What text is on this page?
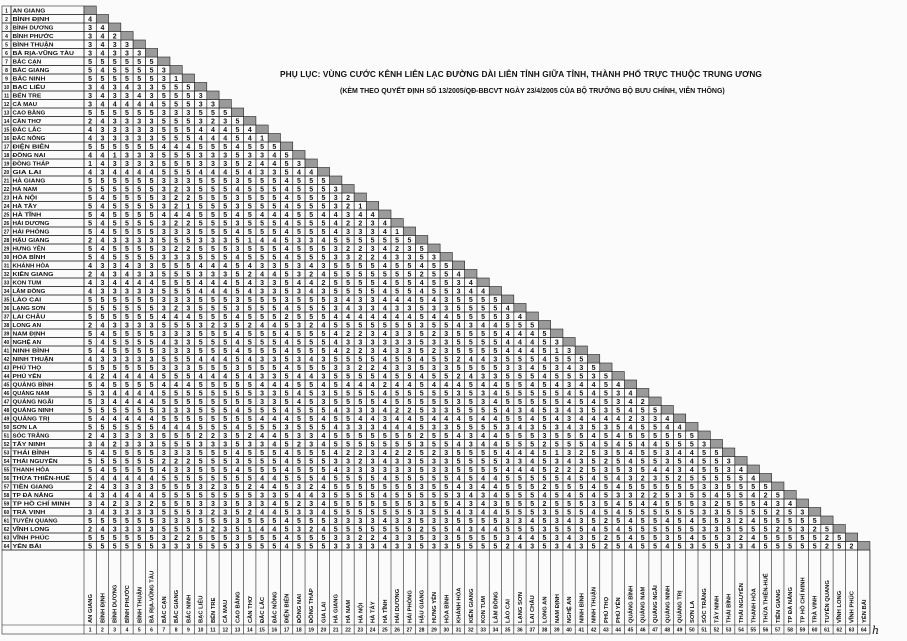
1 AN GIANG
2 BÌNH ĐỊNH	4
3 BÌNH DƯƠNG	3 4
4 BÌNH PHƯỚC	3 4 2
5 BÌNH THUẬN	3 4 3 3
6 BÀ RỊA-VŨNG TÀU	3 4 3 3 3
7 BẮC CẠN	5 5 5 5 5 5
8 BẮC GIANG	5 4 5 5 5 5 3
9 BẮC NINH	5 5 5 5 5 5 3 1
10 BẠC LIÊU	3 4 3 4 3 3 5 5 5
11 BẾN TRE	3 4 3 3 4 3 5 5 5 3
12 CÀ MAU	3 4 4 4 4 4 5 5 5 3 3
13 CAO BẰNG	5 5 5 5 5 5 3 3 3 5 5 5
14 CẦN THƠ	2 4 3 3 3 3 5 5 5 3 2 3 5
15 ĐẮC LẮC	4 3 3 3 3 3 5 5 5 4 4 4 5 4
16 ĐẮC NÔNG	4 3 3 3 3 3 5 5 5 4 4 4 5 4 1
17 ĐIỆN BIÊN	5 5 5 5 5 5 4 4 4 5 5 5 4 5 5 5
18 ĐỒNG NAI	4 4 1 3 3 3 5 5 5 3 3 3 5 3 3 4 5
19 ĐỒNG THÁP	1 4 3 3 3 3 5 5 5 3 3 3 5 2 4 4 5 3
20 GIA LAI	4 3 4 4 4 4 5 5 5 4 4 4 5 4 3 3 5 4 4
21 HÀ GIANG	5 5 5 5 5 5 3 3 3 5 5 5 3 5 5 5 4 5 5 5
22 HÀ NAM	5 5 5 5 5 5 3 2 3 5 5 5 4 5 5 5 4 5 5 5 3
23 HÀ NỘI	5 4 5 5 5 5 3 2 2 5 5 5 3 5 5 5 4 5 5 5 3 2
24 HÀ TÂY	5 4 5 5 5 5 3 2 1 5 5 5 3 5 5 5 4 5 5 5 3 2 1
25 HÀ TĨNH	5 4 5 5 5 5 4 4 4 5 5 5 4 5 4 4 4 5 5 4 4 3 4 4
26 HẢI DƯƠNG	5 4 5 5 5 5 3 2 2 5 5 5 3 5 5 5 4 5 5 5 4 2 2 3 4
27 HẢI PHÒNG	5 4 5 5 5 5 3 3 3 5 5 5 4 5 5 5 4 5 5 5 4 3 3 3 4 1
28 HẬU GIANG	2 4 3 3 3 3 5 5 5 3 3 3 5 1 4 4 5 3 3 4 5 5 5 5 5 5 5
29 HƯNG YÊN	5 4 5 5 5 5 3 2 2 5 5 5 3 5 5 5 4 5 5 5 3 2 2 3 4 2 3 5
30 HÒA BÌNH	5 4 5 5 5 5 3 3 3 5 5 5 4 5 5 5 4 5 5 5 3 3 2 2 4 3 3 5 3
31 KHÁNH HÒA	4 3 3 4 3 3 5 5 5 4 4 4 5 4 3 3 5 3 4 3 5 5 5 5 4 5 5 4 5 5
32 KIÊN GIANG	2 4 3 4 3 3 5 5 5 3 3 3 5 2 4 4 5 3 2 4 5 5 5 5 5 5 5 2 5 5 4
33 KON TUM	4 3 4 4 4 4 5 5 5 4 4 4 5 4 3 3 5 4 4 2 5 5 5 5 4 5 5 4 5 5 3 4
34 LÂM ĐỒNG	4 3 3 3 3 3 5 5 5 4 4 4 5 4 3 3 5 3 4 3 5 5 5 5 4 5 5 4 5 5 3 4 4
35 LÀO CAI	5 5 5 5 5 5 3 3 3 5 5 5 3 5 5 5 3 5 5 5 3 4 3 3 4 4 4 5 4 3 5 5 5 5
36 LẠNG SƠN	5 5 5 5 5 5 3 2 3 5 5 5 3 5 5 5 4 5 5 5 3 4 3 3 4 3 3 5 3 3 5 5 5 5 4
37 LAI CHÂU	5 5 5 5 5 5 4 4 4 5 5 5 4 5 5 5 2 5 5 5 4 4 4 4 4 4 4 5 4 4 5 5 5 5 3 4
38 LONG AN	2 4 3 3 3 3 5 5 5 3 2 3 5 2 4 4 5 3 2 4 5 5 5 5 5 5 5 3 5 5 4 3 4 4 5 5 5
39 NAM ĐỊNH	5 4 5 5 5 5 3 3 3 5 5 5 4 5 5 5 4 5 5 5 4 2 2 3 4 3 3 5 2 3 5 5 5 5 4 4 4 5
40 NGHỆ AN	5 4 5 5 5 5 4 3 3 5 5 5 4 5 5 5 4 5 5 5 4 3 3 3 3 3 3 5 3 3 5 5 5 5 4 4 4 5 3
41 NINH BÌNH	5 4 5 5 5 5 3 3 3 5 5 5 4 5 5 5 4 5 5 5 4 2 2 3 4 3 3 5 2 3 5 5 5 5 4 4 4 5 1 3
42 NINH THUẬN	4 3 3 3 3 3 5 5 5 4 4 4 5 4 3 3 5 3 4 3 5 5 5 5 4 5 5 4 5 5 2 4 4 3 5 5 5 4 5 5 5
43 PHÚ THỌ	5 5 5 5 5 5 3 3 3 5 5 5 3 5 5 5 4 5 5 5 3 3 2 2 4 3 3 5 3 3 5 5 5 5 3 3 4 5 3 4 3 5
44 PHÚ YÊN	4 2 4 4 4 4 5 5 5 4 4 4 5 4 3 3 5 4 4 3 5 5 5 5 4 5 5 4 5 5 2 4 3 3 5 5 5 4 5 5 5 3 5
45 QUẢNG BÌNH	5 4 5 5 5 5 4 4 4 5 5 5 5 5 4 4 4 5 5 4 5 4 4 4 2 4 4 5 4 4 4 5 4 4 5 5 4 5 4 3 4 4 5 4
46 QUẢNG NAM	5 3 4 4 4 4 5 5 5 5 5 5 5 5 3 3 5 4 5 3 5 5 5 5 4 5 5 5 5 5 3 5 3 4 5 5 5 5 5 4 5 4 5 3 4
47 QUẢNG NGÃI	5 3 4 4 4 4 5 5 5 5 5 5 5 5 3 3 5 4 5 3 5 5 5 5 4 5 5 5 5 5 3 5 3 4 5 5 5 5 5 4 5 4 5 3 4 2
48 QUẢNG NINH	5 5 5 5 5 5 3 3 3 5 5 5 4 5 5 5 4 5 5 5 4 3 3 3 4 2 2 5 3 3 5 5 5 5 4 3 4 5 3 4 3 5 3 5 4 5 5
49 QUẢNG TRỊ	5 4 4 4 4 4 5 5 5 5 5 5 5 5 4 4 4 5 5 4 5 5 4 4 3 4 4 5 4 4 4 5 4 4 5 5 4 5 4 3 4 4 4 4 2 3 3 4
50 SƠN LA	5 5 5 5 5 5 4 4 4 5 5 5 4 5 5 5 3 5 5 5 4 3 3 3 4 4 4 5 3 3 5 5 5 5 3 4 3 5 3 4 3 5 3 5 4 5 5 4 4
51 SÓC TRĂNG	2 4 3 3 3 3 5 5 5 2 2 3 5 2 4 4 5 3 3 4 5 5 5 5 5 5 5 2 5 5 4 3 4 4 5 5 5 3 5 5 5 4 5 4 5 5 5 5 5 5
52 TÂY NINH	3 4 2 3 3 3 5 5 5 3 3 3 5 3 3 4 5 2 3 4 5 5 5 5 5 5 5 3 5 5 4 3 4 4 5 5 5 2 5 5 5 4 5 4 5 4 4 5 5 5 3
53 THÁI BÌNH	5 4 5 5 5 5 3 3 3 5 5 5 4 5 5 5 4 5 5 5 4 2 2 3 4 2 2 5 2 3 5 5 5 5 4 4 4 5 1 3 2 5 3 5 4 5 5 3 4 4 5 5
54 THÁI NGUYÊN	5 5 5 5 5 5 2 2 2 5 5 5 3 5 5 5 4 5 5 5 3 3 2 3 4 3 3 5 3 3 5 5 5 5 3 3 4 5 3 4 3 5 2 5 4 5 5 3 5 4 5 5 3
55 THANH HÓA	5 4 5 5 5 5 4 3 3 5 5 5 4 5 5 5 4 5 5 5 4 3 3 3 3 3 3 5 3 3 5 5 5 5 4 4 4 5 2 2 2 5 3 5 3 5 4 4 3 4 5 5 3 4
56 THỪA THIÊN-HUẾ	5 4 4 4 4 4 5 5 5 5 5 5 5 5 4 4 5 5 5 4 5 5 5 5 4 5 5 5 5 5 4 5 4 4 5 5 5 5 5 4 5 4 5 4 3 2 3 5 2 5 5 5 5 5 4
57 TIỀN GIANG	2 4 3 3 3 3 5 5 5 3 2 3 5 2 4 4 5 3 2 4 5 5 5 5 5 5 5 3 5 5 4 3 4 4 5 5 5 2 5 5 5 4 5 4 5 5 5 5 5 5 3 3 5 5 5 5
58 TP ĐÀ NẴNG	4 3 4 4 4 4 5 5 5 5 5 5 5 5 3 3 5 4 4 3 5 5 5 5 4 5 5 5 5 5 3 4 3 4 5 5 5 4 5 4 5 4 5 3 3 2 2 5 3 5 5 4 5 5 4 2 5
59 TP HỒ CHÍ MINH	3 4 2 3 3 2 5 5 5 3 3 3 5 3 3 4 5 2 3 4 5 5 5 5 5 5 5 3 5 5 4 3 4 3 5 5 5 2 5 5 5 3 5 4 5 4 4 5 5 5 3 2 5 5 5 4 3 4
60 TRÀ VINH	3 4 3 3 3 3 5 5 5 3 2 3 5 2 4 4 5 3 3 4 5 5 5 5 5 5 5 3 5 5 4 3 4 4 5 5 5 3 5 5 5 4 5 4 5 5 5 5 5 5 3 3 5 5 5 5 2 5 3
61 TUYÊN QUANG	5 5 5 5 5 5 3 3 3 5 5 5 3 5 5 5 4 5 5 5 3 3 3 3 4 3 3 5 3 3 5 5 5 5 3 3 4 5 3 4 3 5 2 5 4 5 5 4 5 4 5 5 3 2 4 5 5 5 5 5
62 VĨNH LONG	2 4 3 3 3 3 5 5 5 3 2 3 5 1 4 4 5 3 2 4 5 5 5 5 5 5 5 2 5 5 4 3 4 4 5 5 5 3 5 5 5 4 5 4 5 5 5 5 5 5 3 3 5 5 5 5 2 5 3 2 5
63 VĨNH PHÚC	5 5 5 5 5 5 3 2 2 5 5 5 3 5 5 5 4 5 5 5 3 3 2 2 4 3 3 5 3 3 5 5 5 5 3 4 4 5 3 4 3 5 2 5 4 5 5 3 5 4 5 5 3 2 4 5 5 5 5 5 2 5
64 YÊN BÁI	5 5 5 5 5 5 3 3 3 5 5 5 3 5 5 5 4 5 5 5 3 3 3 3 4 3 3 5 3 3 5 5 5 5 2 4 3 5 3 4 3 5 2 5 4 5 5 4 5 3 5 5 3 3 4 5 5 5 5 5 2 5 2
AN GIANG
1
BÌNH ĐỊNH
2
BÌNH DƯƠNG
3
BÌNH PHƯỚC
4
BÌNH THUẬN
5
BÀ RỊA-VŨNG TÀU
6
BẮC CẠN
7
BẮC GIANG
8
BẮC NINH
9
BẠC LIÊU
10
BẾN TRE
11
CÀ MAU
12
CAO BẰNG
13
CẦN THƠ
14
ĐẮC LẮC
15
ĐẮC NÔNG
16
ĐIỆN BIÊN
17
ĐỒNG NAI
18
ĐỒNG THÁP
19
GIA LAI
20
HÀ GIANG
21
HÀ NAM
22
HÀ NỘI
23
HÀ TÂY
24
HÀ TĨNH
25
HẢI DƯƠNG
26
HẢI PHÒNG
27
HẬU GIANG
28
HƯNG YÊN
29
HÒA BÌNH
30
KHÁNH HÒA
31
KIÊN GIANG
32
KON TUM
33
LÂM ĐỒNG
34
LÀO CAI
35
LẠNG SƠN
36
LAI CHÂU
37
LONG AN
38
NAM ĐỊNH
39
NGHỆ AN
40
NINH BÌNH
41
NINH THUẬN
42
PHÚ THỌ
43
PHÚ YÊN
44
QUẢNG BÌNH
45
QUẢNG NAM
46
QUẢNG NGÃI
47
QUẢNG NINH
48
QUẢNG TRỊ
49
SƠN LA
50
SÓC TRĂNG
51
TÂY NINH
52
THÁI BÌNH
53
THÁI NGUYÊN
54
THANH HÓA
55
THỪA THIÊN-HUẾ
56
TIỀN GIANG
57
TP ĐÀ NẴNG
58
TP HỒ CHÍ MINH
59
TRÀ VINH
60
TUYÊN QUANG
61
VĨNH LONG
62
VĨNH PHÚC
63
YÊN BÁI
64
PHỤ LỤC: VÙNG CƯỚC KÊNH LIÊN LẠC ĐƯỜNG DÀI LIÊN TỈNH GIỮA TỈNH, THÀNH PHỐ TRỰC THUỘC TRUNG ƯƠNG
(KÈM THEO QUYẾT ĐỊNH SỐ 13/2005/QĐ-BBCVT NGÀY 23/4/2005 CỦA BỘ TRƯỞNG BỘ BƯU CHÍNH, VIỄN THÔNG)
h
